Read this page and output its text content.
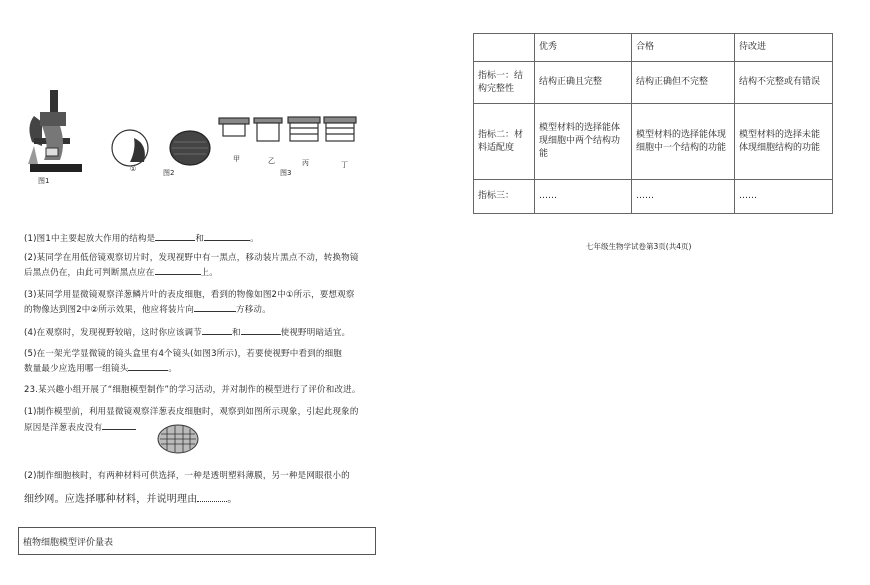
图1
①	图2
甲	乙	丙	丁
图3
(1)图1中主要起放大作用的结构是	和	。
(2)某同学在用低倍镜观察切片时，发现视野中有一黑点，移动装片黑点不动，转换物镜
后黑点仍在，由此可判断黑点应在	上。
(3)某同学用显微镜观察洋葱鳞片叶的表皮细胞，看到的物像如图2中①所示，要想观察
的物像达到图2中②所示效果，他应将装片向	方移动。
(4)在观察时，发现视野较暗，这时你应该调节	和	使视野明暗适宜。
(5)在一架光学显微镜的镜头盒里有4个镜头(如图3所示)，若要使视野中看到的细胞
数量最少应选用哪一组镜头	。
23.某兴趣小组开展了“细胞模型制作”的学习活动，并对制作的模型进行了评价和改进。
(1)制作模型前，利用显微镜观察洋葱表皮细胞时，观察到如图所示现象，引起此现象的
原因是洋葱表皮没有
(2)制作细胞核时，有两种材料可供选择，一种是透明塑料薄膜，另一种是网眼很小的
细纱网。应选择哪种材料，并说明理由	。
植物细胞模型评价量表
	优秀	合格	待改进
指标一：结构完整性	结构正确且完整	结构正确但不完整	结构不完整或有错误
指标二：材料适配度	模型材料的选择能体现细胞中两个结构功能	模型材料的选择能体现细胞中一个结构的功能	模型材料的选择未能体现细胞结构的功能
指标三：	……	……	……
七年级生物学试卷第3页(共4页)
